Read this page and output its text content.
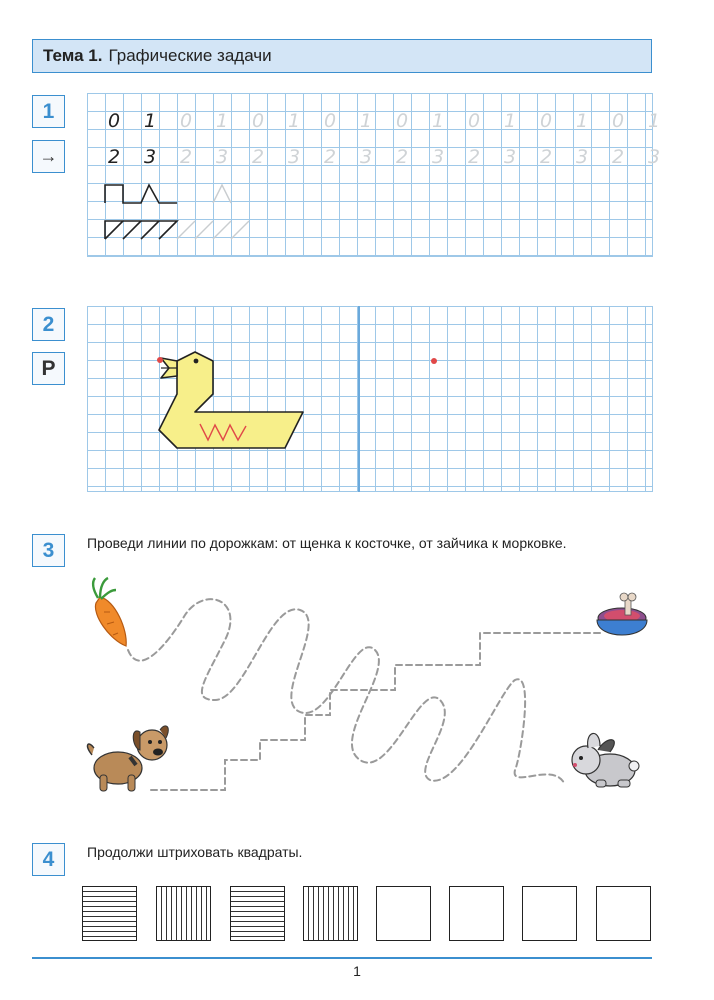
Тема 1. Графические задачи
1
→
0 1 0 1 0 1 0 1 0 1 0 1 0 1 0 1
2 3 2 3 2 3 2 3 2 3 2 3 2 3 2 3
2
Р
3	Проведи линии по дорожкам: от щенка к косточке, от зайчика к морковке.
4	Продолжи штриховать квадраты.
1
